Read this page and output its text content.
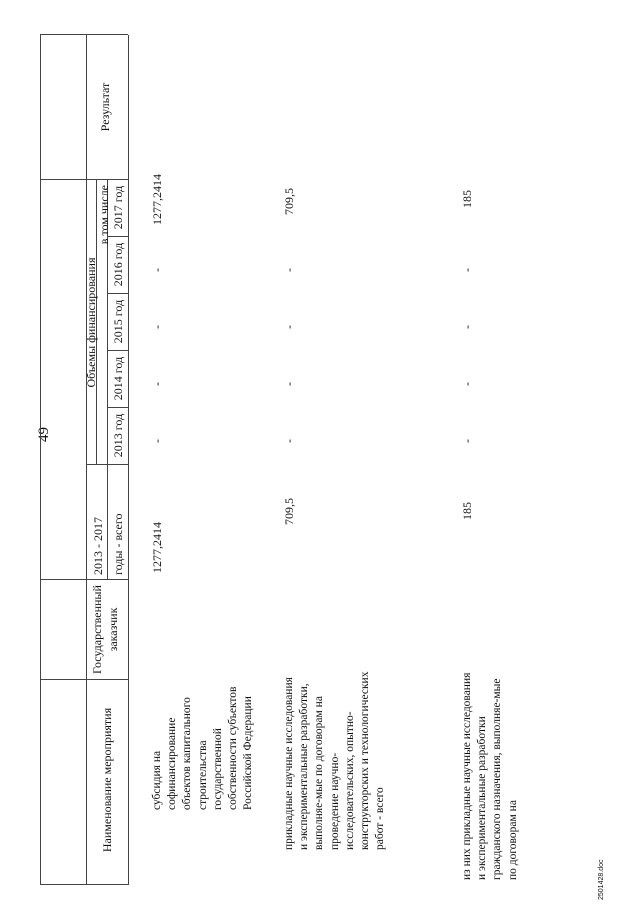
49
2501428.doc
Наименование мероприятия
Государственный заказчик
Объемы финансирования
2013 - 2017 годы - всего
в том числе
2013 год
2014 год
2015 год
2016 год
2017 год
Результат
субсидия на софинансирование объектов капитального строительства государственной собственности субъектов Российской Федерации
1277,2414
-
-
-
-
1277,2414
прикладные научные исследования и экспериментальные разработки, выполняе-мые по договорам на проведение научно-исследовательских, опытно-конструкторских и технологических работ - всего
709,5
-
-
-
-
709,5
из них прикладные научные исследования и экспериментальные разработки гражданского назначения, выполняе-мые по договорам на
185
-
-
-
-
185
